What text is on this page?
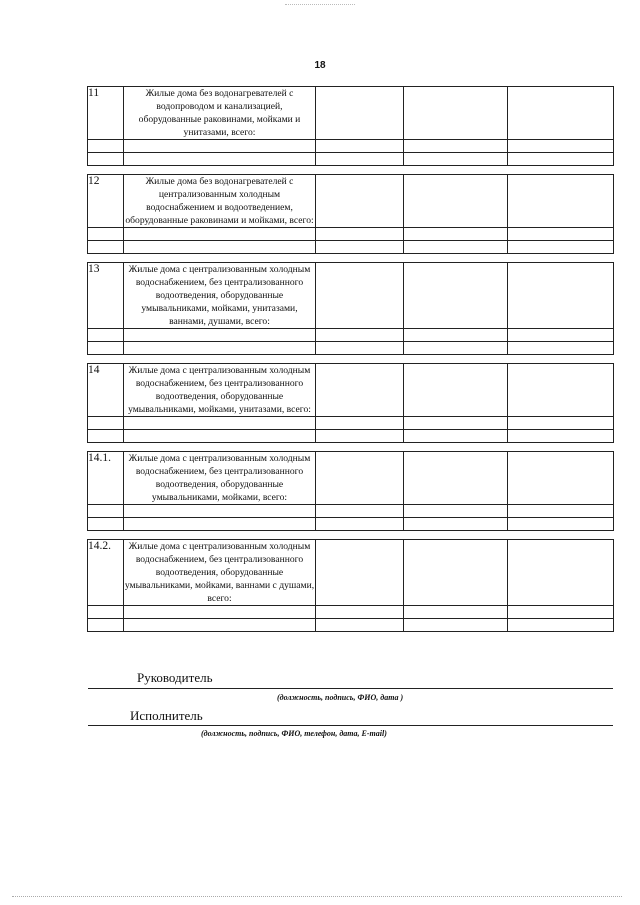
18
11	Жилые дома без водонагревателей с водопроводом и канализацией, оборудованные раковинами, мойками и унитазами, всего:			

12	Жилые дома без водонагревателей с централизованным холодным водоснабжением и водоотведением, оборудованные раковинами и мойками, всего:			

13	Жилые дома с централизованным холодным водоснабжением, без централизованного водоотведения, оборудованные умывальниками, мойками, унитазами, ваннами, душами, всего:			

14	Жилые дома с централизованным холодным водоснабжением, без централизованного водоотведения, оборудованные умывальниками, мойками, унитазами, всего:			

14.1.	Жилые дома с централизованным холодным водоснабжением, без централизованного водоотведения, оборудованные умывальниками, мойками, всего:			

14.2.	Жилые дома с централизованным холодным водоснабжением, без централизованного водоотведения, оборудованные умывальниками, мойками, ваннами с душами, всего:			

Руководитель
(должность, подпись, ФИО, дата )
Исполнитель
(должность, подпись, ФИО, телефон, дата, E-mail)
